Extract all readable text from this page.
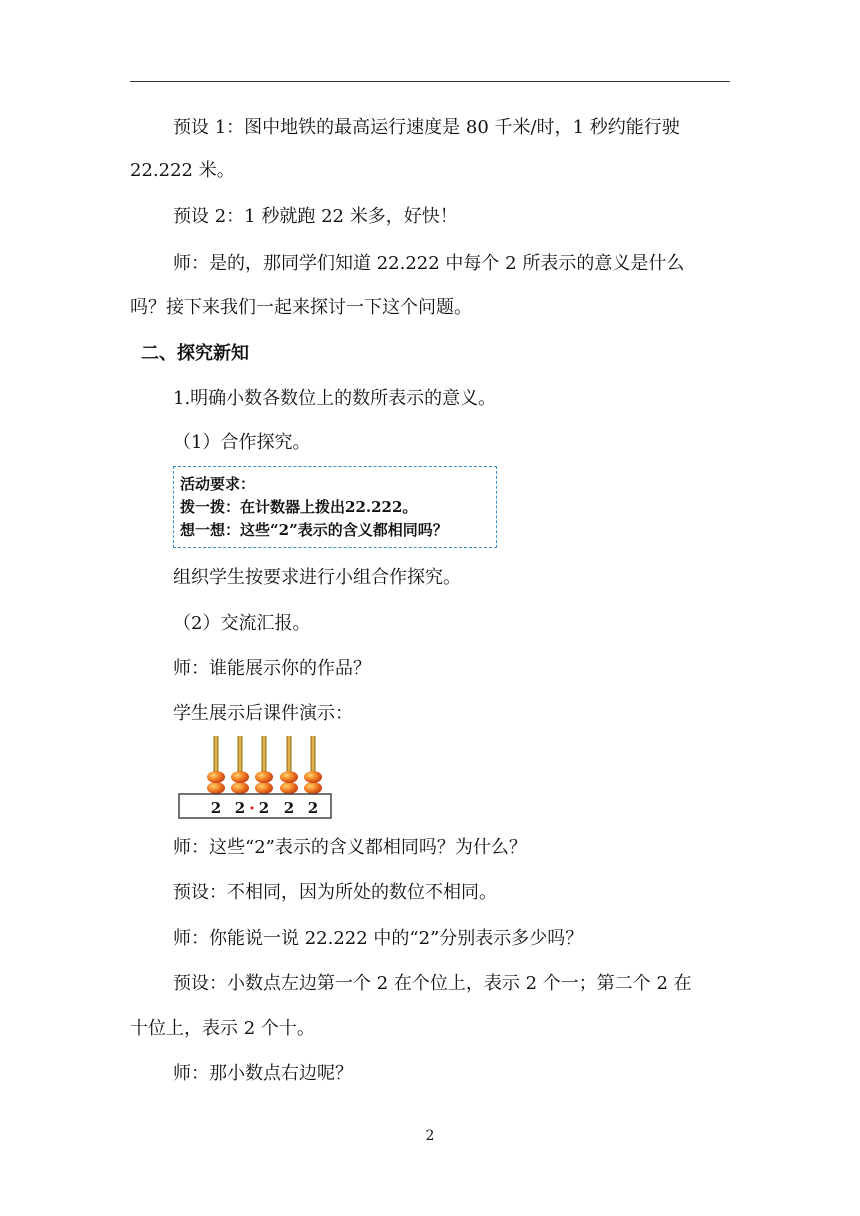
预设 1：图中地铁的最高运行速度是 80 千米/时，1 秒约能行驶
22.222 米。
预设 2：1 秒就跑 22 米多，好快！
师：是的，那同学们知道 22.222 中每个 2 所表示的意义是什么
吗？接下来我们一起来探讨一下这个问题。
二、探究新知
1.明确小数各数位上的数所表示的意义。
（1）合作探究。
活动要求：
拨一拨：在计数器上拨出22.222。
想一想：这些“2”表示的含义都相同吗？
组织学生按要求进行小组合作探究。
（2）交流汇报。
师：谁能展示你的作品？
学生展示后课件演示：
2 2 2 2 2
•
师：这些“2”表示的含义都相同吗？为什么？
预设：不相同，因为所处的数位不相同。
师：你能说一说 22.222 中的“2”分别表示多少吗？
预设：小数点左边第一个 2 在个位上，表示 2 个一；第二个 2 在
十位上，表示 2 个十。
师：那小数点右边呢？
2
